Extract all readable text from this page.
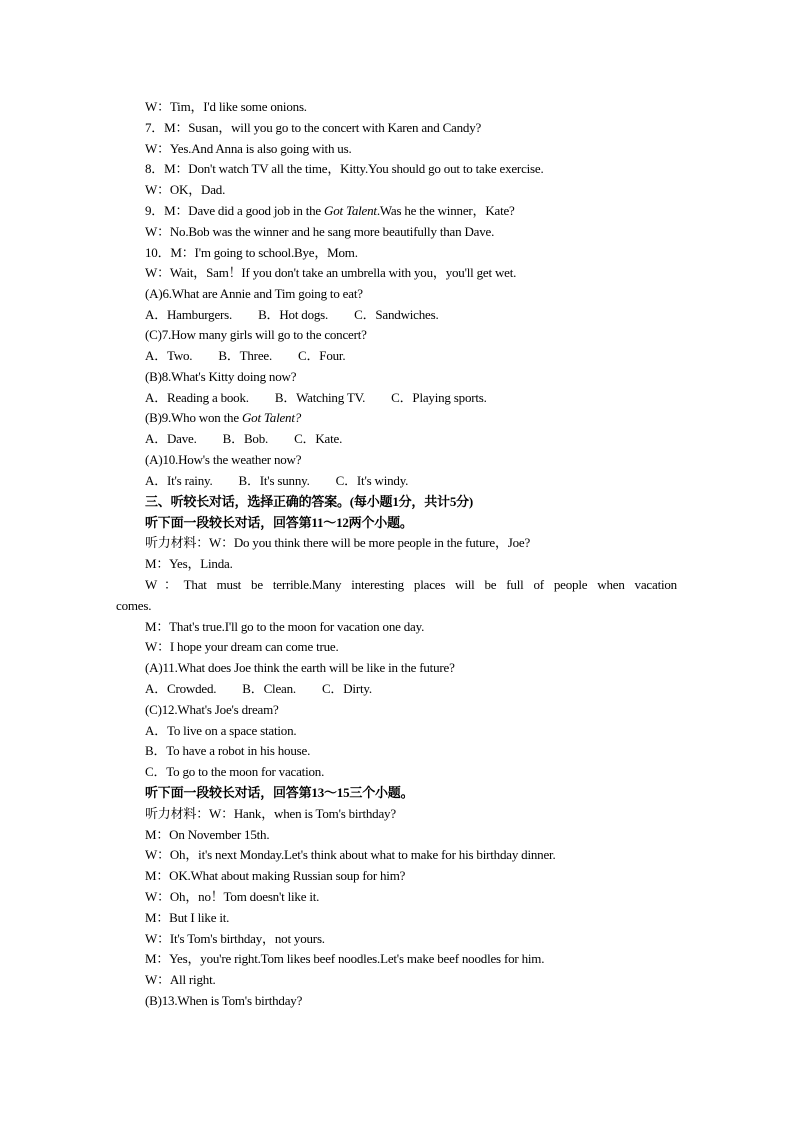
W：Tim，I'd like some onions.
7．M：Susan，will you go to the concert with Karen and Candy?
W：Yes.And Anna is also going with us.
8．M：Don't watch TV all the time，Kitty.You should go out to take exercise.
W：OK，Dad.
9．M：Dave did a good job in the Got Talent.Was he the winner，Kate?
W：No.Bob was the winner and he sang more beautifully than Dave.
10．M：I'm going to school.Bye，Mom.
W：Wait，Sam！If you don't take an umbrella with you，you'll get wet.
(A)6.What are Annie and Tim going to eat?
A．Hamburgers. B．Hot dogs. C．Sandwiches.
(C)7.How many girls will go to the concert?
A．Two. B．Three. C．Four.
(B)8.What's Kitty doing now?
A．Reading a book. B．Watching TV. C．Playing sports.
(B)9.Who won the Got Talent?
A．Dave. B．Bob. C．Kate.
(A)10.How's the weather now?
A．It's rainy. B．It's sunny. C．It's windy.
三、听较长对话，选择正确的答案。(每小题1分，共计5分)
听下面一段较长对话，回答第11～12两个小题。
听力材料：W：Do you think there will be more people in the future，Joe?
M：Yes，Linda.
W：That must be terrible.Many interesting places will be full of people when vacation
comes.
M：That's true.I'll go to the moon for vacation one day.
W：I hope your dream can come true.
(A)11.What does Joe think the earth will be like in the future?
A．Crowded. B．Clean. C．Dirty.
(C)12.What's Joe's dream?
A．To live on a space station.
B．To have a robot in his house.
C．To go to the moon for vacation.
听下面一段较长对话，回答第13～15三个小题。
听力材料：W：Hank，when is Tom's birthday?
M：On November 15th.
W：Oh，it's next Monday.Let's think about what to make for his birthday dinner.
M：OK.What about making Russian soup for him?
W：Oh，no！Tom doesn't like it.
M：But I like it.
W：It's Tom's birthday，not yours.
M：Yes，you're right.Tom likes beef noodles.Let's make beef noodles for him.
W：All right.
(B)13.When is Tom's birthday?
